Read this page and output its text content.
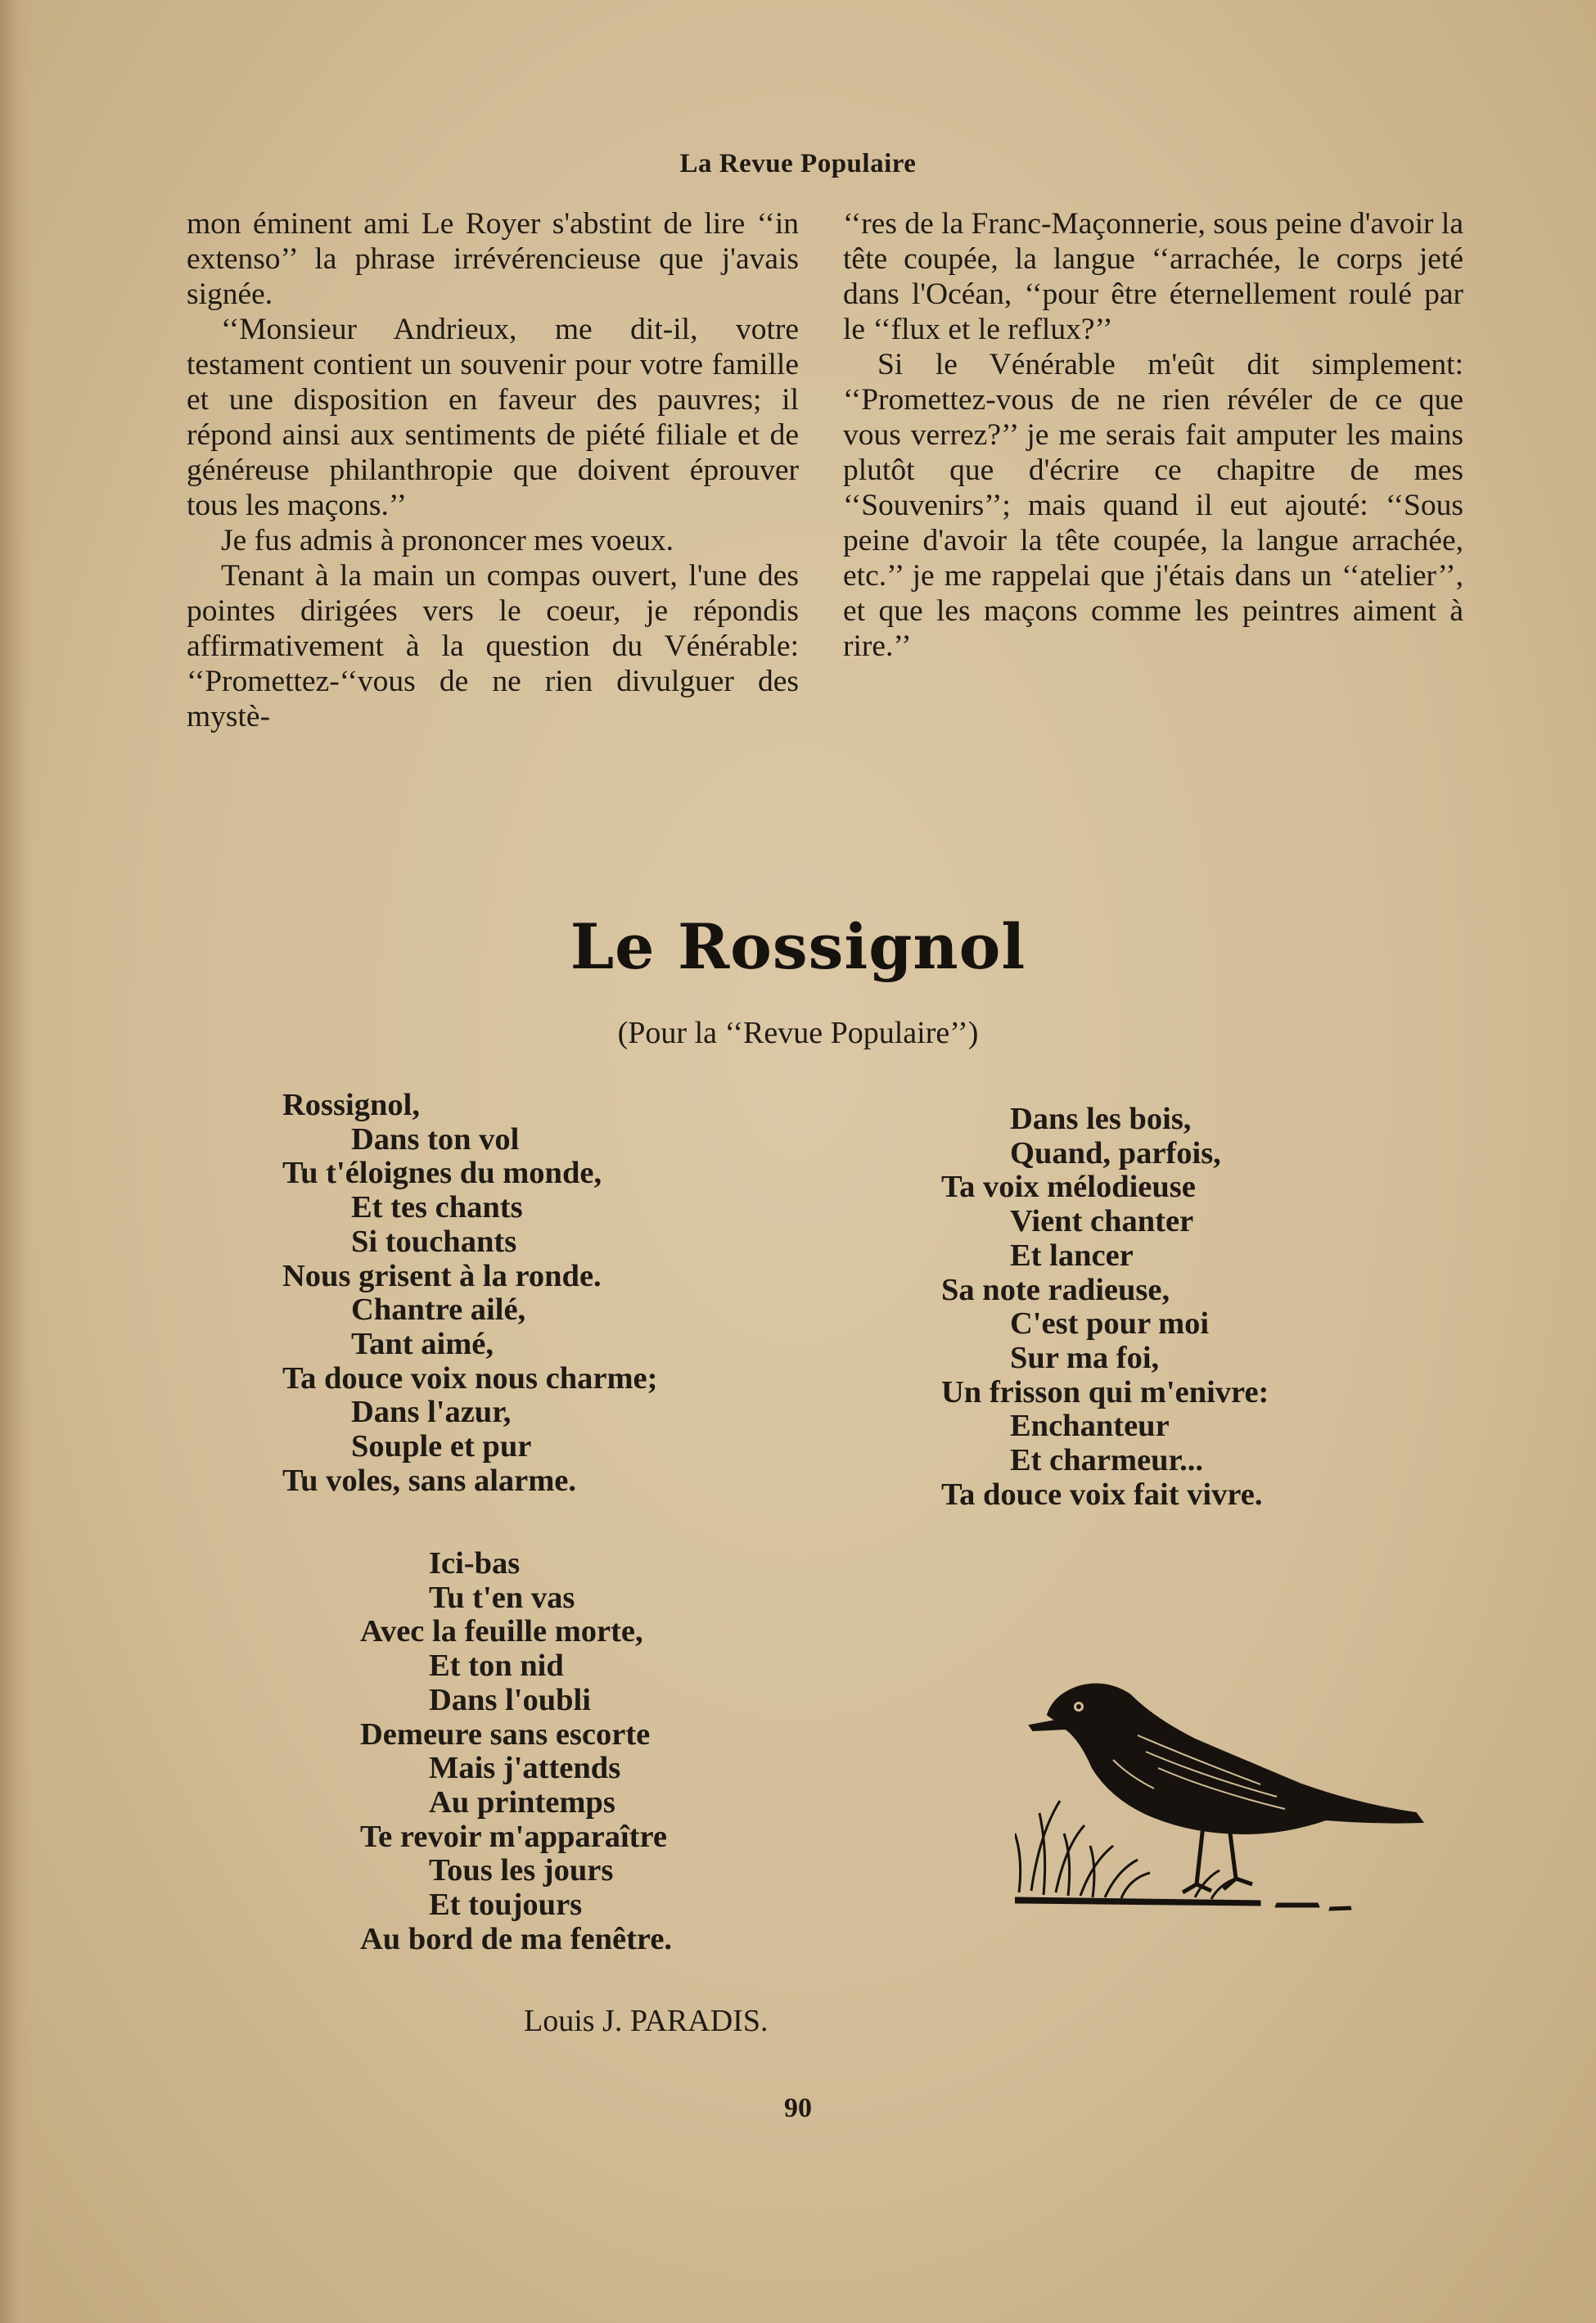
La Revue Populaire

mon éminent ami Le Royer s'abstint de lire ‘‘in extenso’’ la phrase irrévérencieuse que j'avais signée.

‘‘Monsieur Andrieux, me dit-il, votre testament contient un souvenir pour votre famille et une disposition en faveur des pauvres; il répond ainsi aux sentiments de piété filiale et de généreuse philanthropie que doivent éprouver tous les maçons.’’

Je fus admis à prononcer mes voeux.

Tenant à la main un compas ouvert, l'une des pointes dirigées vers le coeur, je répondis affirmativement à la question du Vénérable: ‘‘Promettez-‘‘vous de ne rien divulguer des mystè-

‘‘res de la Franc-Maçonnerie, sous peine d'avoir la tête coupée, la langue ‘‘arrachée, le corps jeté dans l'Océan, ‘‘pour être éternellement roulé par le ‘‘flux et le reflux?’’

Si le Vénérable m'eût dit simplement: ‘‘Promettez-vous de ne rien révéler de ce que vous verrez?’’ je me serais fait amputer les mains plutôt que d'écrire ce chapitre de mes ‘‘Souvenirs’’; mais quand il eut ajouté: ‘‘Sous peine d'avoir la tête coupée, la langue arrachée, etc.’’ je me rappelai que j'étais dans un ‘‘atelier’’, et que les maçons comme les peintres aiment à rire.’’

Le Rossignol
(Pour la ‘‘Revue Populaire’’)
Rossignol,
Dans ton vol
Tu t'éloignes du monde,
Et tes chants
Si touchants
Nous grisent à la ronde.
Chantre ailé,
Tant aimé,
Ta douce voix nous charme;
Dans l'azur,
Souple et pur
Tu voles, sans alarme.
Dans les bois,
Quand, parfois,
Ta voix mélodieuse
Vient chanter
Et lancer
Sa note radieuse,
C'est pour moi
Sur ma foi,
Un frisson qui m'enivre:
Enchanteur
Et charmeur...
Ta douce voix fait vivre.
Ici-bas
Tu t'en vas
Avec la feuille morte,
Et ton nid
Dans l'oubli
Demeure sans escorte
Mais j'attends
Au printemps
Te revoir m'apparaître
Tous les jours
Et toujours
Au bord de ma fenêtre.
Louis J. PARADIS.
90
